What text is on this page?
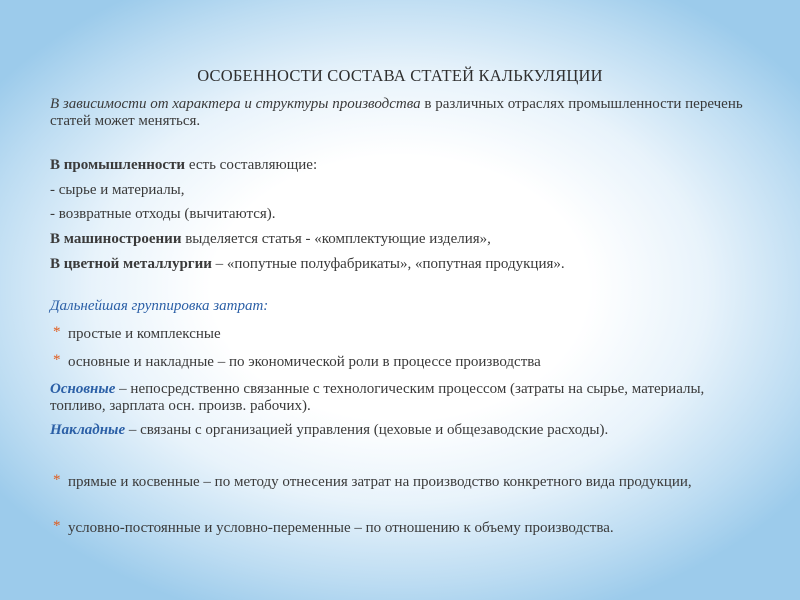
ОСОБЕННОСТИ СОСТАВА СТАТЕЙ КАЛЬКУЛЯЦИИ
В зависимости от характера и структуры производства в различных отраслях промышленности перечень статей может меняться.
В промышленности есть составляющие:
- сырье и материалы,
- возвратные отходы (вычитаются).
В машиностроении выделяется статья - «комплектующие изделия»,
В цветной металлургии – «попутные полуфабрикаты», «попутная продукция».
Дальнейшая группировка затрат:
* простые и комплексные
* основные и накладные – по экономической роли в процессе производства
Основные – непосредственно связанные с технологическим процессом (затраты на сырье, материалы, топливо, зарплата осн. произв. рабочих).
Накладные – связаны с организацией управления (цеховые и общезаводские расходы).
* прямые и косвенные – по методу отнесения затрат на производство конкретного вида продукции,
* условно-постоянные и условно-переменные – по отношению к объему производства.
